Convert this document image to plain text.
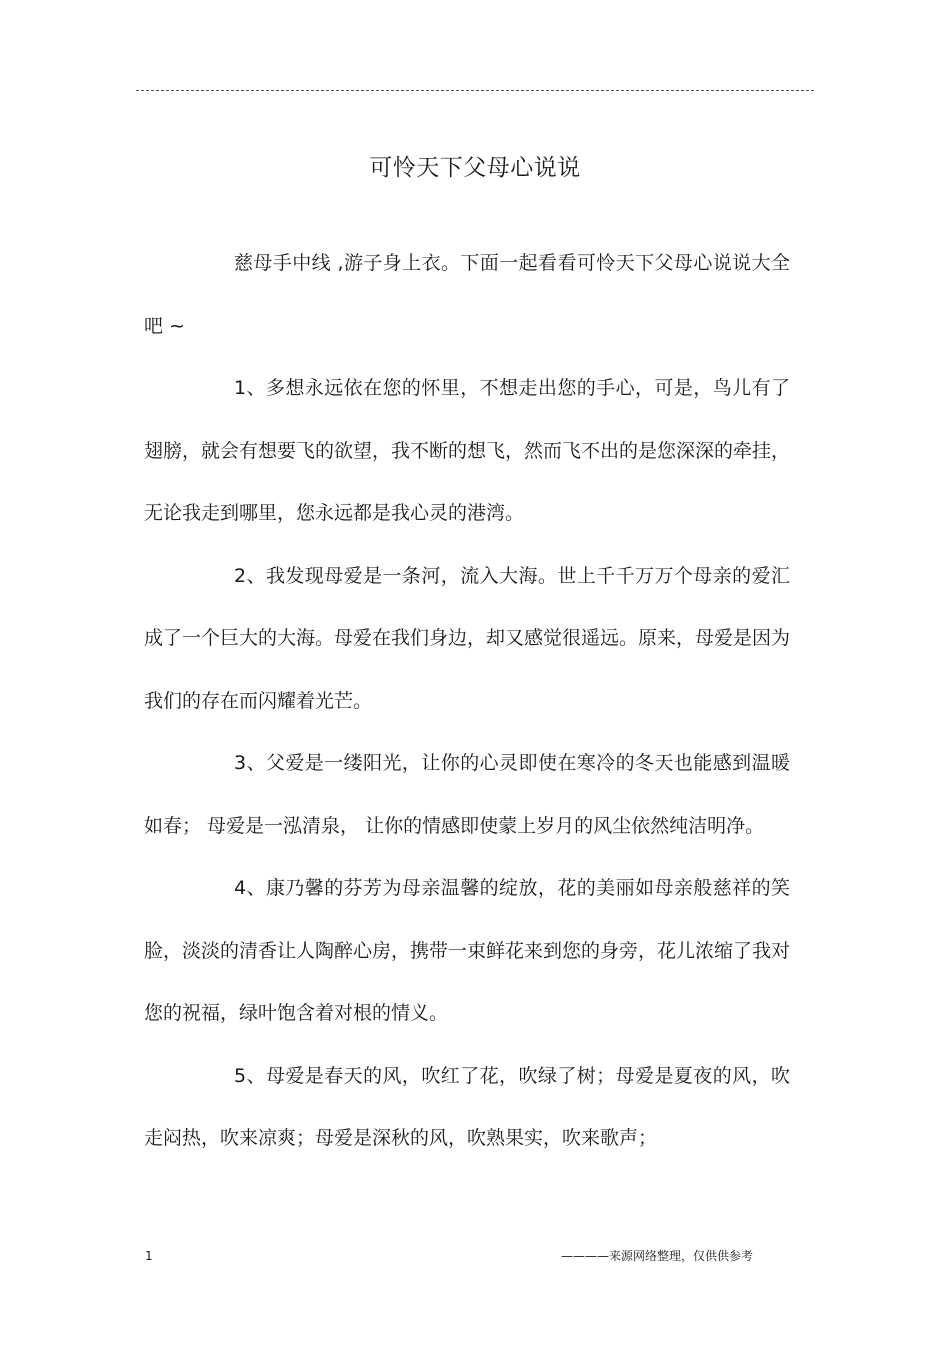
可怜天下父母心说说

慈母手中线 ,游子身上衣。下面一起看看可怜天下父母心说说大全吧 ~

1、多想永远依在您的怀里，不想走出您的手心，可是，鸟儿有了翅膀，就会有想要飞的欲望，我不断的想飞，然而飞不出的是您深深的牵挂，无论我走到哪里，您永远都是我心灵的港湾。

2、我发现母爱是一条河，流入大海。世上千千万万个母亲的爱汇成了一个巨大的大海。母爱在我们身边，却又感觉很遥远。原来，母爱是因为我们的存在而闪耀着光芒。

3、父爱是一缕阳光，让你的心灵即使在寒冷的冬天也能感到温暖如春； 母爱是一泓清泉， 让你的情感即使蒙上岁月的风尘依然纯洁明净。

4、康乃馨的芬芳为母亲温馨的绽放，花的美丽如母亲般慈祥的笑脸，淡淡的清香让人陶醉心房，携带一束鲜花来到您的身旁，花儿浓缩了我对您的祝福，绿叶饱含着对根的情义。

5、母爱是春天的风，吹红了花，吹绿了树；母爱是夏夜的风，吹走闷热，吹来凉爽；母爱是深秋的风，吹熟果实，吹来歌声；

1	————来源网络整理，仅供供参考
